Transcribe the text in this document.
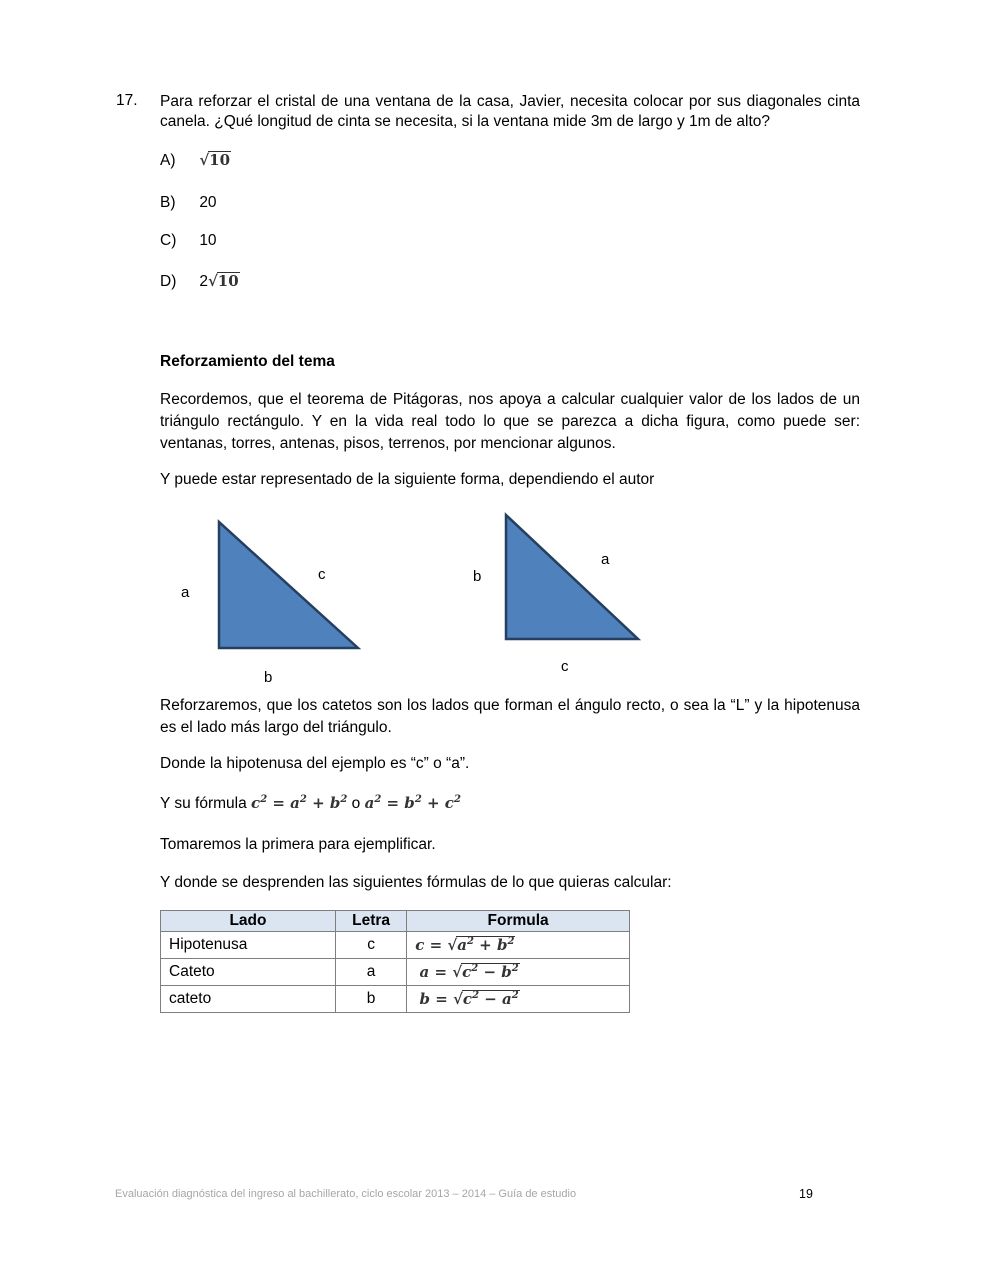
17. Para reforzar el cristal de una ventana de la casa, Javier, necesita colocar por sus diagonales cinta canela. ¿Qué longitud de cinta se necesita, si la ventana mide 3m de largo y 1m de alto?
A) √10
B) 20
C) 10
D) 2√10
Reforzamiento del tema
Recordemos, que el teorema de Pitágoras, nos apoya a calcular cualquier valor de los lados de un triángulo rectángulo. Y en la vida real todo lo que se parezca a dicha figura, como puede ser: ventanas, torres, antenas, pisos, terrenos, por mencionar algunos.
Y puede estar representado de la siguiente forma, dependiendo el autor
a
c
b
b
a
c
Reforzaremos, que los catetos son los lados que forman el ángulo recto, o sea la “L” y la hipotenusa es el lado más largo del triángulo.
Donde la hipotenusa del ejemplo es “c” o “a”.
Y su fórmula $c^2 = a^2 + b^2$ o $a^2 = b^2 + c^2$
Tomaremos la primera para ejemplificar.
Y donde se desprenden las siguientes fórmulas de lo que quieras calcular:
Lado	Letra	Formula
Hipotenusa	c	$c = √a^2 + b^2$
Cateto	a	$a = √c^2 - b^2$
cateto	b	$b = √c^2 - a^2$
Evaluación diagnóstica del ingreso al bachillerato, ciclo escolar 2013 – 2014 – Guía de estudio	19
